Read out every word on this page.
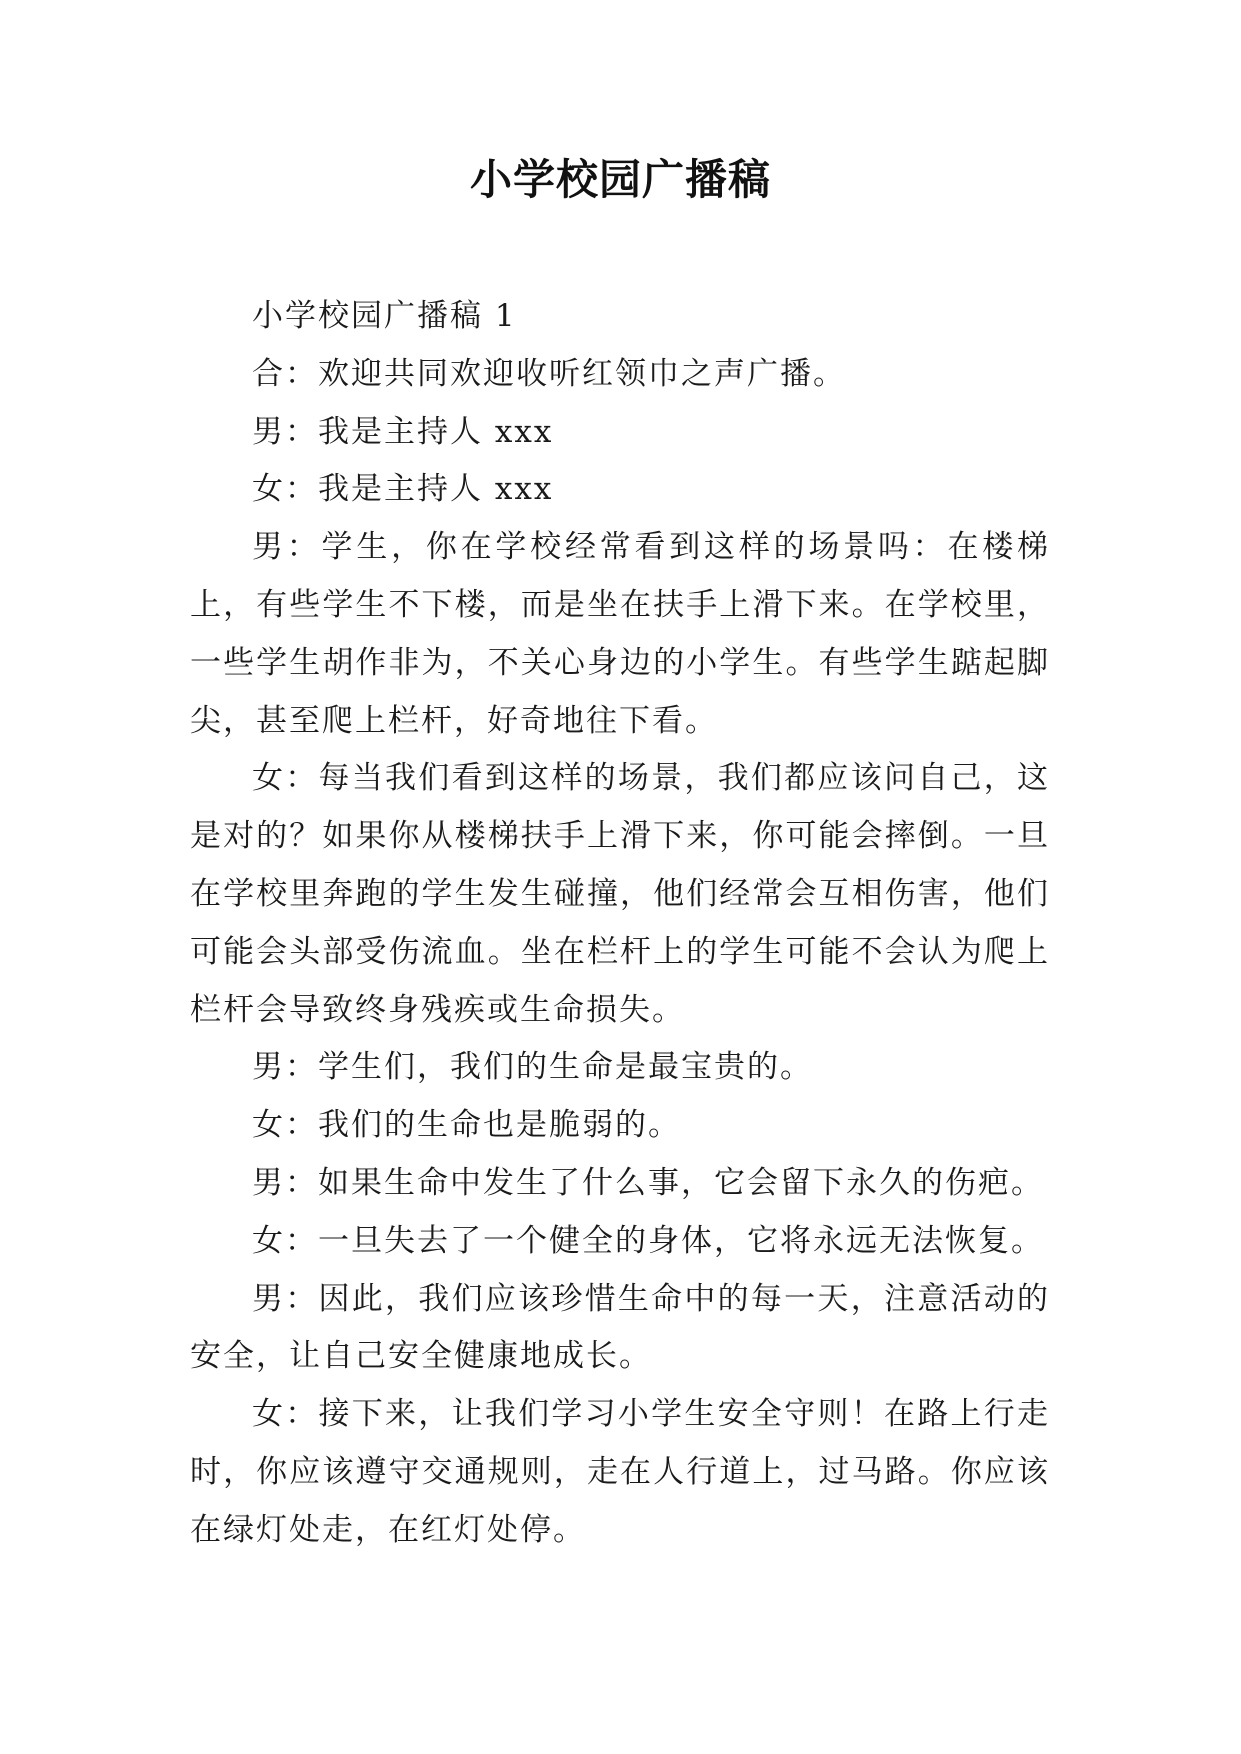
小学校园广播稿

小学校园广播稿 1

合：欢迎共同欢迎收听红领巾之声广播。

男：我是主持人 xxx

女：我是主持人 xxx

男：学生，你在学校经常看到这样的场景吗：在楼梯上，有些学生不下楼，而是坐在扶手上滑下来。在学校里，一些学生胡作非为，不关心身边的小学生。有些学生踮起脚尖，甚至爬上栏杆，好奇地往下看。

女：每当我们看到这样的场景，我们都应该问自己，这是对的？如果你从楼梯扶手上滑下来，你可能会摔倒。一旦在学校里奔跑的学生发生碰撞，他们经常会互相伤害，他们可能会头部受伤流血。坐在栏杆上的学生可能不会认为爬上栏杆会导致终身残疾或生命损失。

男：学生们，我们的生命是最宝贵的。

女：我们的生命也是脆弱的。

男：如果生命中发生了什么事，它会留下永久的伤疤。

女：一旦失去了一个健全的身体，它将永远无法恢复。

男：因此，我们应该珍惜生命中的每一天，注意活动的安全，让自己安全健康地成长。

女：接下来，让我们学习小学生安全守则！在路上行走时，你应该遵守交通规则，走在人行道上，过马路。你应该在绿灯处走，在红灯处停。
